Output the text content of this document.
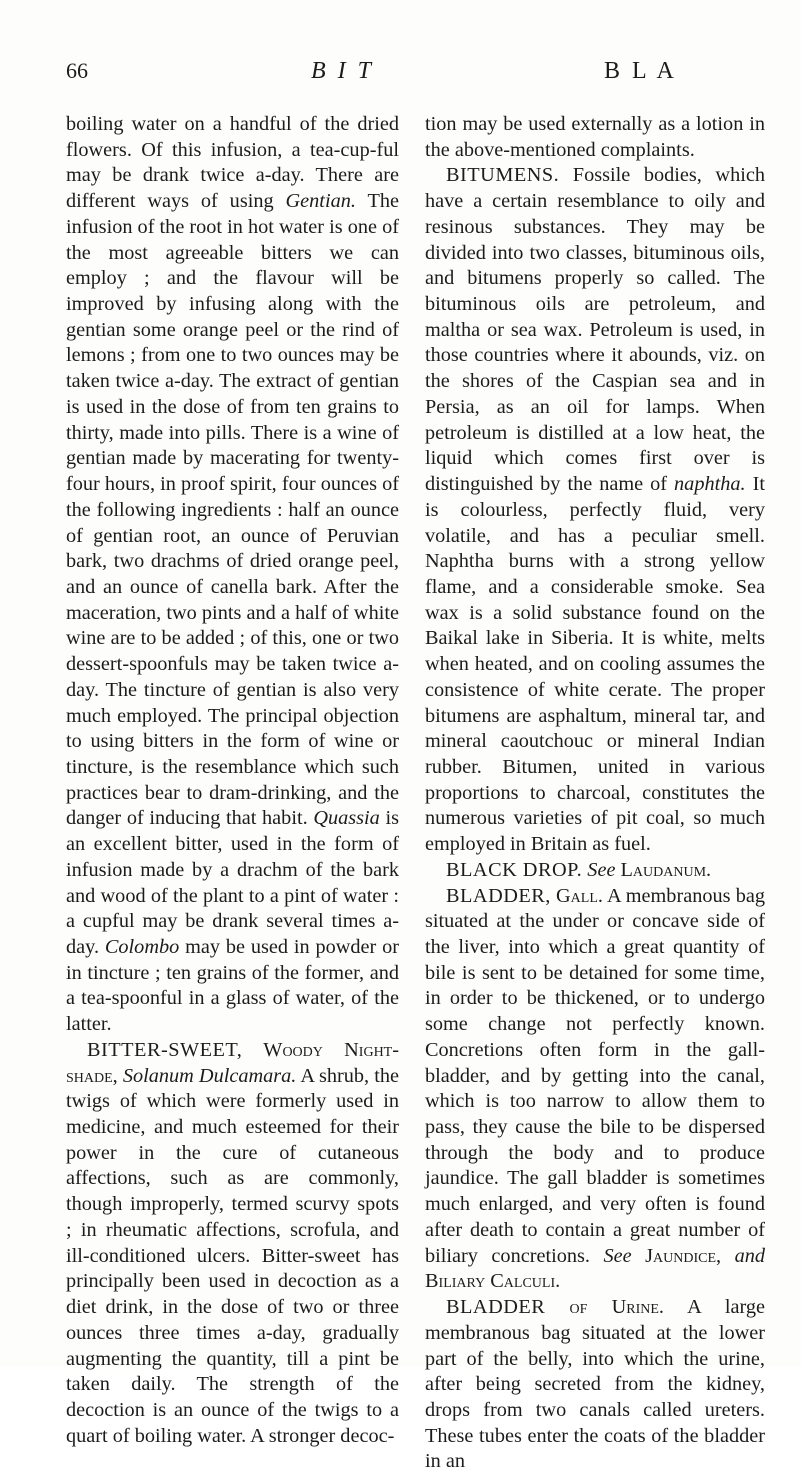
66	B I T	B L A

boiling water on a handful of the dried flowers. Of this infusion, a tea-cup-ful may be drank twice a-day. There are different ways of using Gentian. The infusion of the root in hot water is one of the most agreeable bitters we can employ ; and the flavour will be improved by infusing along with the gentian some orange peel or the rind of lemons ; from one to two ounces may be taken twice a-day. The extract of gentian is used in the dose of from ten grains to thirty, made into pills. There is a wine of gentian made by macerating for twenty-four hours, in proof spirit, four ounces of the following ingredients : half an ounce of gentian root, an ounce of Peruvian bark, two drachms of dried orange peel, and an ounce of canella bark. After the maceration, two pints and a half of white wine are to be added ; of this, one or two dessert-spoonfuls may be taken twice a-day. The tincture of gentian is also very much employed. The principal objection to using bitters in the form of wine or tincture, is the resemblance which such practices bear to dram-drinking, and the danger of inducing that habit. Quassia is an excellent bitter, used in the form of infusion made by a drachm of the bark and wood of the plant to a pint of water : a cupful may be drank several times a-day. Colombo may be used in powder or in tincture ; ten grains of the former, and a tea-spoonful in a glass of water, of the latter.

BITTER-SWEET, Woody Night-shade, Solanum Dulcamara. A shrub, the twigs of which were formerly used in medicine, and much esteemed for their power in the cure of cutaneous affections, such as are commonly, though improperly, termed scurvy spots ; in rheumatic affections, scrofula, and ill-conditioned ulcers. Bitter-sweet has principally been used in decoction as a diet drink, in the dose of two or three ounces three times a-day, gradually augmenting the quantity, till a pint be taken daily. The strength of the decoction is an ounce of the twigs to a quart of boiling water. A stronger decoc-

tion may be used externally as a lotion in the above-mentioned complaints.

BITUMENS. Fossile bodies, which have a certain resemblance to oily and resinous substances. They may be divided into two classes, bituminous oils, and bitumens properly so called. The bituminous oils are petroleum, and maltha or sea wax. Petroleum is used, in those countries where it abounds, viz. on the shores of the Caspian sea and in Persia, as an oil for lamps. When petroleum is distilled at a low heat, the liquid which comes first over is distinguished by the name of naphtha. It is colourless, perfectly fluid, very volatile, and has a peculiar smell. Naphtha burns with a strong yellow flame, and a considerable smoke. Sea wax is a solid substance found on the Baikal lake in Siberia. It is white, melts when heated, and on cooling assumes the consistence of white cerate. The proper bitumens are asphaltum, mineral tar, and mineral caoutchouc or mineral Indian rubber. Bitumen, united in various proportions to charcoal, constitutes the numerous varieties of pit coal, so much employed in Britain as fuel.

BLACK DROP. See Laudanum.

BLADDER, Gall. A membranous bag situated at the under or concave side of the liver, into which a great quantity of bile is sent to be detained for some time, in order to be thickened, or to undergo some change not perfectly known. Concretions often form in the gall-bladder, and by getting into the canal, which is too narrow to allow them to pass, they cause the bile to be dispersed through the body and to produce jaundice. The gall bladder is sometimes much enlarged, and very often is found after death to contain a great number of biliary concretions. See Jaundice, and Biliary Calculi.

BLADDER of Urine. A large membranous bag situated at the lower part of the belly, into which the urine, after being secreted from the kidney, drops from two canals called ureters. These tubes enter the coats of the bladder in an
